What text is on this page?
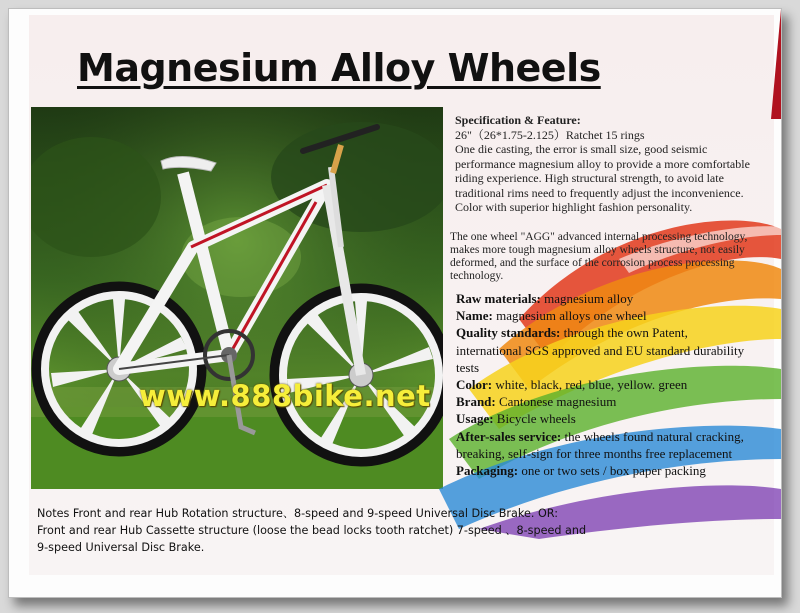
Magnesium Alloy Wheels
www.888bike.net

Specification & Feature:

26"（26*1.75-2.125）Ratchet 15 rings

One die casting, the error is small size, good seismic performance magnesium alloy to provide a more comfortable riding experience. High structural strength, to avoid late traditional rims need to frequently adjust the inconvenience. Color with superior highlight fashion personality.

The one wheel "AGG" advanced internal processing technology, makes more tough magnesium alloy wheels structure, not easily deformed, and the surface of the corrosion process processing technology.

Raw materials: magnesium alloy
Name: magnesium alloys one wheel
Quality standards: through the own Patent, international SGS approved and EU standard durability tests
Color: white, black, red, blue, yellow. green
Brand: Cantonese magnesium
Usage: Bicycle wheels
After-sales service: the wheels found natural cracking, breaking, self-sign for three months free replacement
Packaging: one or two sets / box paper packing
Notes Front and rear Hub Rotation structure、8-speed and 9-speed Universal Disc Brake. OR:
Front and rear Hub Cassette structure (loose the bead locks tooth ratchet) 7-speed 、8-speed and
9-speed Universal Disc Brake.
